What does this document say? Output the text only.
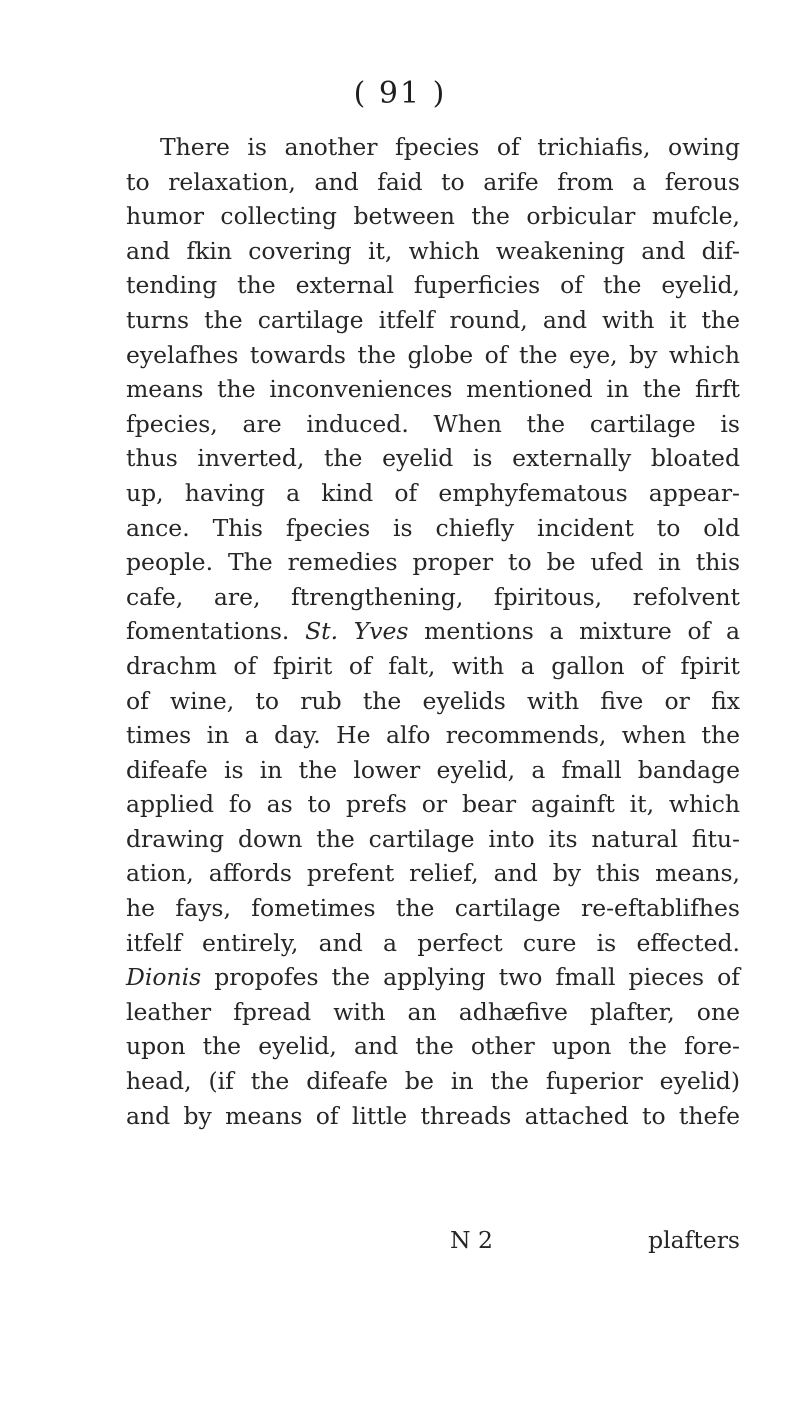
( 91 )
There is another fpecies of trichiafis, owing
to relaxation, and faid to arife from a ferous
humor collecting between the orbicular mufcle,
and fkin covering it, which weakening and dif-
tending the external fuperficies of the eyelid,
turns the cartilage itfelf round, and with it the
eyelafhes towards the globe of the eye, by which
means the inconveniences mentioned in the firft
fpecies, are induced. When the cartilage is
thus inverted, the eyelid is externally bloated
up, having a kind of emphyfematous appear-
ance. This fpecies is chiefly incident to old
people. The remedies proper to be ufed in this
cafe, are, ftrengthening, fpiritous, refolvent
fomentations. St. Yves mentions a mixture of a
drachm of fpirit of falt, with a gallon of fpirit
of wine, to rub the eyelids with five or fix
times in a day. He alfo recommends, when the
difeafe is in the lower eyelid, a fmall bandage
applied fo as to prefs or bear againft it, which
drawing down the cartilage into its natural fitu-
ation, affords prefent relief, and by this means,
he fays, fometimes the cartilage re-eftablifhes
itfelf entirely, and a perfect cure is effected.
Dionis propofes the applying two fmall pieces of
leather fpread with an adhæfive plafter, one
upon the eyelid, and the other upon the fore-
head, (if the difeafe be in the fuperior eyelid)
and by means of little threads attached to thefe
N 2	plafters
